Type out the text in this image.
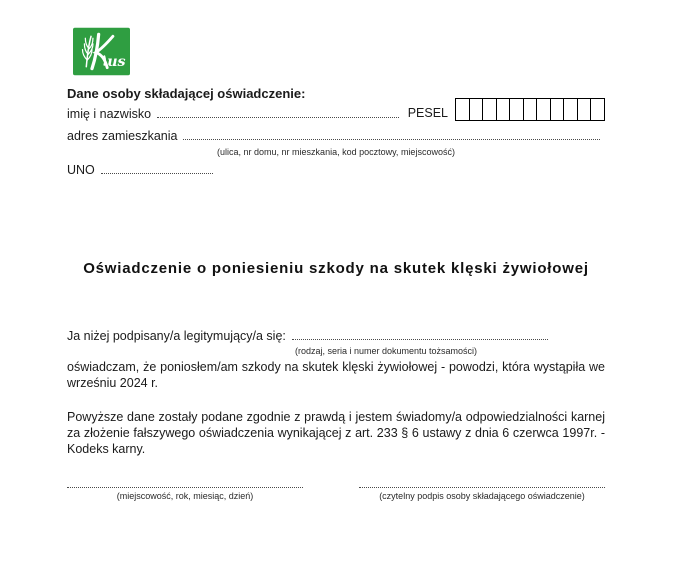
us
Dane osoby składającej oświadczenie:
imię i nazwisko	PESEL
adres zamieszkania
(ulica, nr domu, nr mieszkania, kod pocztowy, miejscowość)
UNO
Oświadczenie o poniesieniu szkody na skutek klęski żywiołowej
Ja niżej podpisany/a legitymujący/a się:
(rodzaj, seria i numer dokumentu tożsamości)
oświadczam, że poniosłem/am szkody na skutek klęski żywiołowej - powodzi, która wystąpiła we wrześniu 2024 r.
Powyższe dane zostały podane zgodnie z prawdą i jestem świadomy/a odpowiedzialności karnej za złożenie fałszywego oświadczenia wynikającej z art. 233 § 6 ustawy z dnia 6 czerwca 1997r. - Kodeks karny.
(miejscowość, rok, miesiąc, dzień)	(czytelny podpis osoby składającego oświadczenie)
